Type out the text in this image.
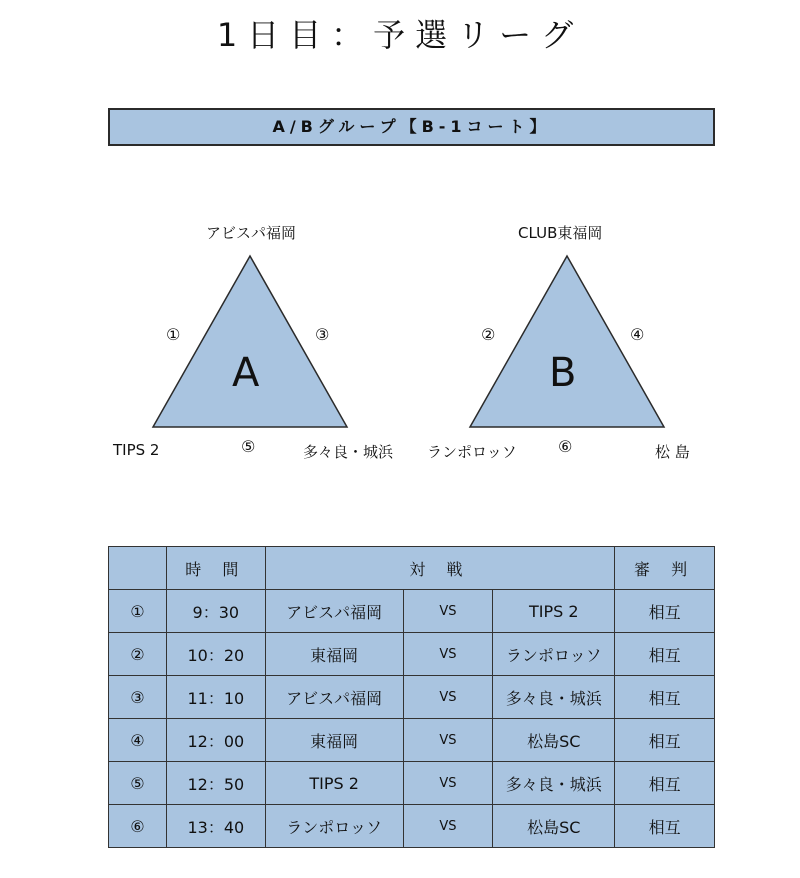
1日目：予選リーグ
A/Bグループ【B-1コート】
アビスパ福岡
TIPS 2	多々良・城浜
A
①	③
⑤
CLUB東福岡
ランポロッソ	松 島
B
②	④
⑥
	時 間	対 戦			審 判
①	9：30	アビスパ福岡	VS	TIPS 2	相互
②	10：20	東福岡	VS	ランポロッソ	相互
③	11：10	アビスパ福岡	VS	多々良・城浜	相互
④	12：00	東福岡	VS	松島SC	相互
⑤	12：50	TIPS 2	VS	多々良・城浜	相互
⑥	13：40	ランポロッソ	VS	松島SC	相互
